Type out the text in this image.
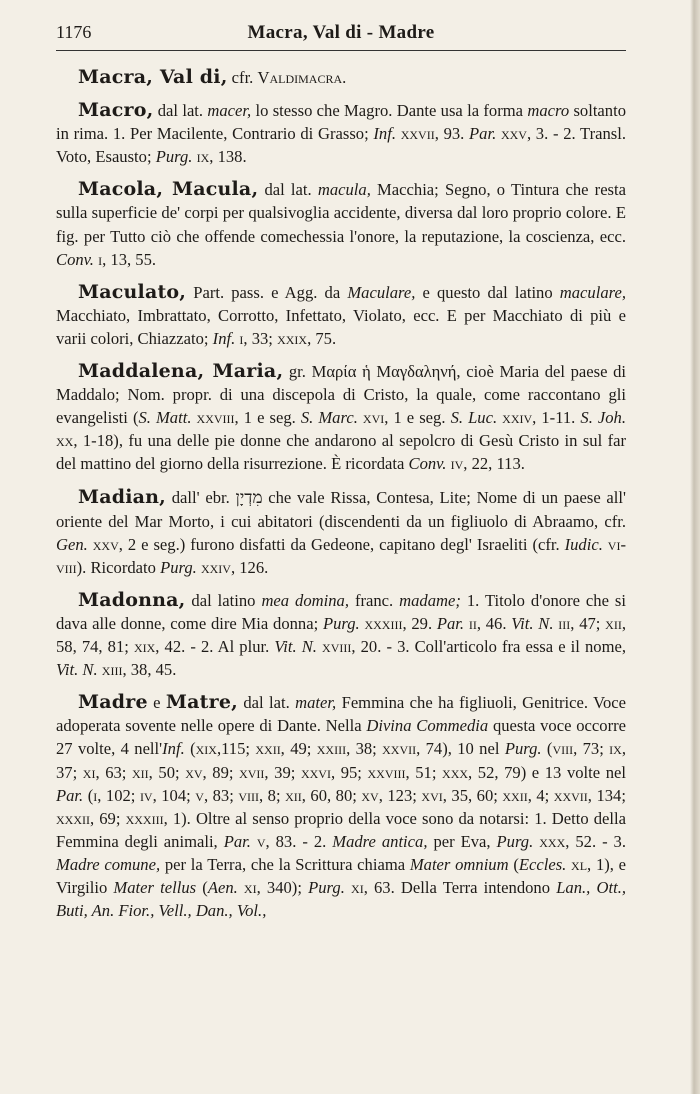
1176	Macra, Val di - Madre

Macra, Val di, cfr. Valdimacra.

Macro, dal lat. macer, lo stesso che Magro. Dante usa la forma macro soltanto in rima. 1. Per Macilente, Contrario di Grasso; Inf. xxvii, 93. Par. xxv, 3. - 2. Transl. Voto, Esausto; Purg. ix, 138.

Macola, Macula, dal lat. macula, Macchia; Segno, o Tintura che resta sulla superficie de' corpi per qualsivoglia accidente, diversa dal loro proprio colore. E fig. per Tutto ciò che offende comechessia l'onore, la reputazione, la coscienza, ecc. Conv. i, 13, 55.

Maculato, Part. pass. e Agg. da Maculare, e questo dal latino maculare, Macchiato, Imbrattato, Corrotto, Infettato, Violato, ecc. E per Macchiato di più e varii colori, Chiazzato; Inf. i, 33; xxix, 75.

Maddalena, Maria, gr. Μαρία ἡ Μαγδαληνή, cioè Maria del paese di Maddalo; Nom. propr. di una discepola di Cristo, la quale, come raccontano gli evangelisti (S. Matt. xxviii, 1 e seg. S. Marc. xvi, 1 e seg. S. Luc. xxiv, 1-11. S. Joh. xx, 1-18), fu una delle pie donne che andarono al sepolcro di Gesù Cristo in sul far del mattino del giorno della risurrezione. È ricordata Conv. iv, 22, 113.

Madian, dall' ebr. מִדְיָן che vale Rissa, Contesa, Lite; Nome di un paese all' oriente del Mar Morto, i cui abitatori (discendenti da un figliuolo di Abraamo, cfr. Gen. xxv, 2 e seg.) furono disfatti da Gedeone, capitano degl' Israeliti (cfr. Iudic. vi-viii). Ricordato Purg. xxiv, 126.

Madonna, dal latino mea domina, franc. madame; 1. Titolo d'onore che si dava alle donne, come dire Mia donna; Purg. xxxiii, 29. Par. ii, 46. Vit. N. iii, 47; xii, 58, 74, 81; xix, 42. - 2. Al plur. Vit. N. xviii, 20. - 3. Coll'articolo fra essa e il nome, Vit. N. xiii, 38, 45.

Madre e Matre, dal lat. mater, Femmina che ha figliuoli, Genitrice. Voce adoperata sovente nelle opere di Dante. Nella Divina Commedia questa voce occorre 27 volte, 4 nell'Inf. (xix,115; xxii, 49; xxiii, 38; xxvii, 74), 10 nel Purg. (viii, 73; ix, 37; xi, 63; xii, 50; xv, 89; xvii, 39; xxvi, 95; xxviii, 51; xxx, 52, 79) e 13 volte nel Par. (i, 102; iv, 104; v, 83; viii, 8; xii, 60, 80; xv, 123; xvi, 35, 60; xxii, 4; xxvii, 134; xxxii, 69; xxxiii, 1). Oltre al senso proprio della voce sono da notarsi: 1. Detto della Femmina degli animali, Par. v, 83. - 2. Madre antica, per Eva, Purg. xxx, 52. - 3. Madre comune, per la Terra, che la Scrittura chiama Mater omnium (Eccles. xl, 1), e Virgilio Mater tellus (Aen. xi, 340); Purg. xi, 63. Della Terra intendono Lan., Ott., Buti, An. Fior., Vell., Dan., Vol.,
